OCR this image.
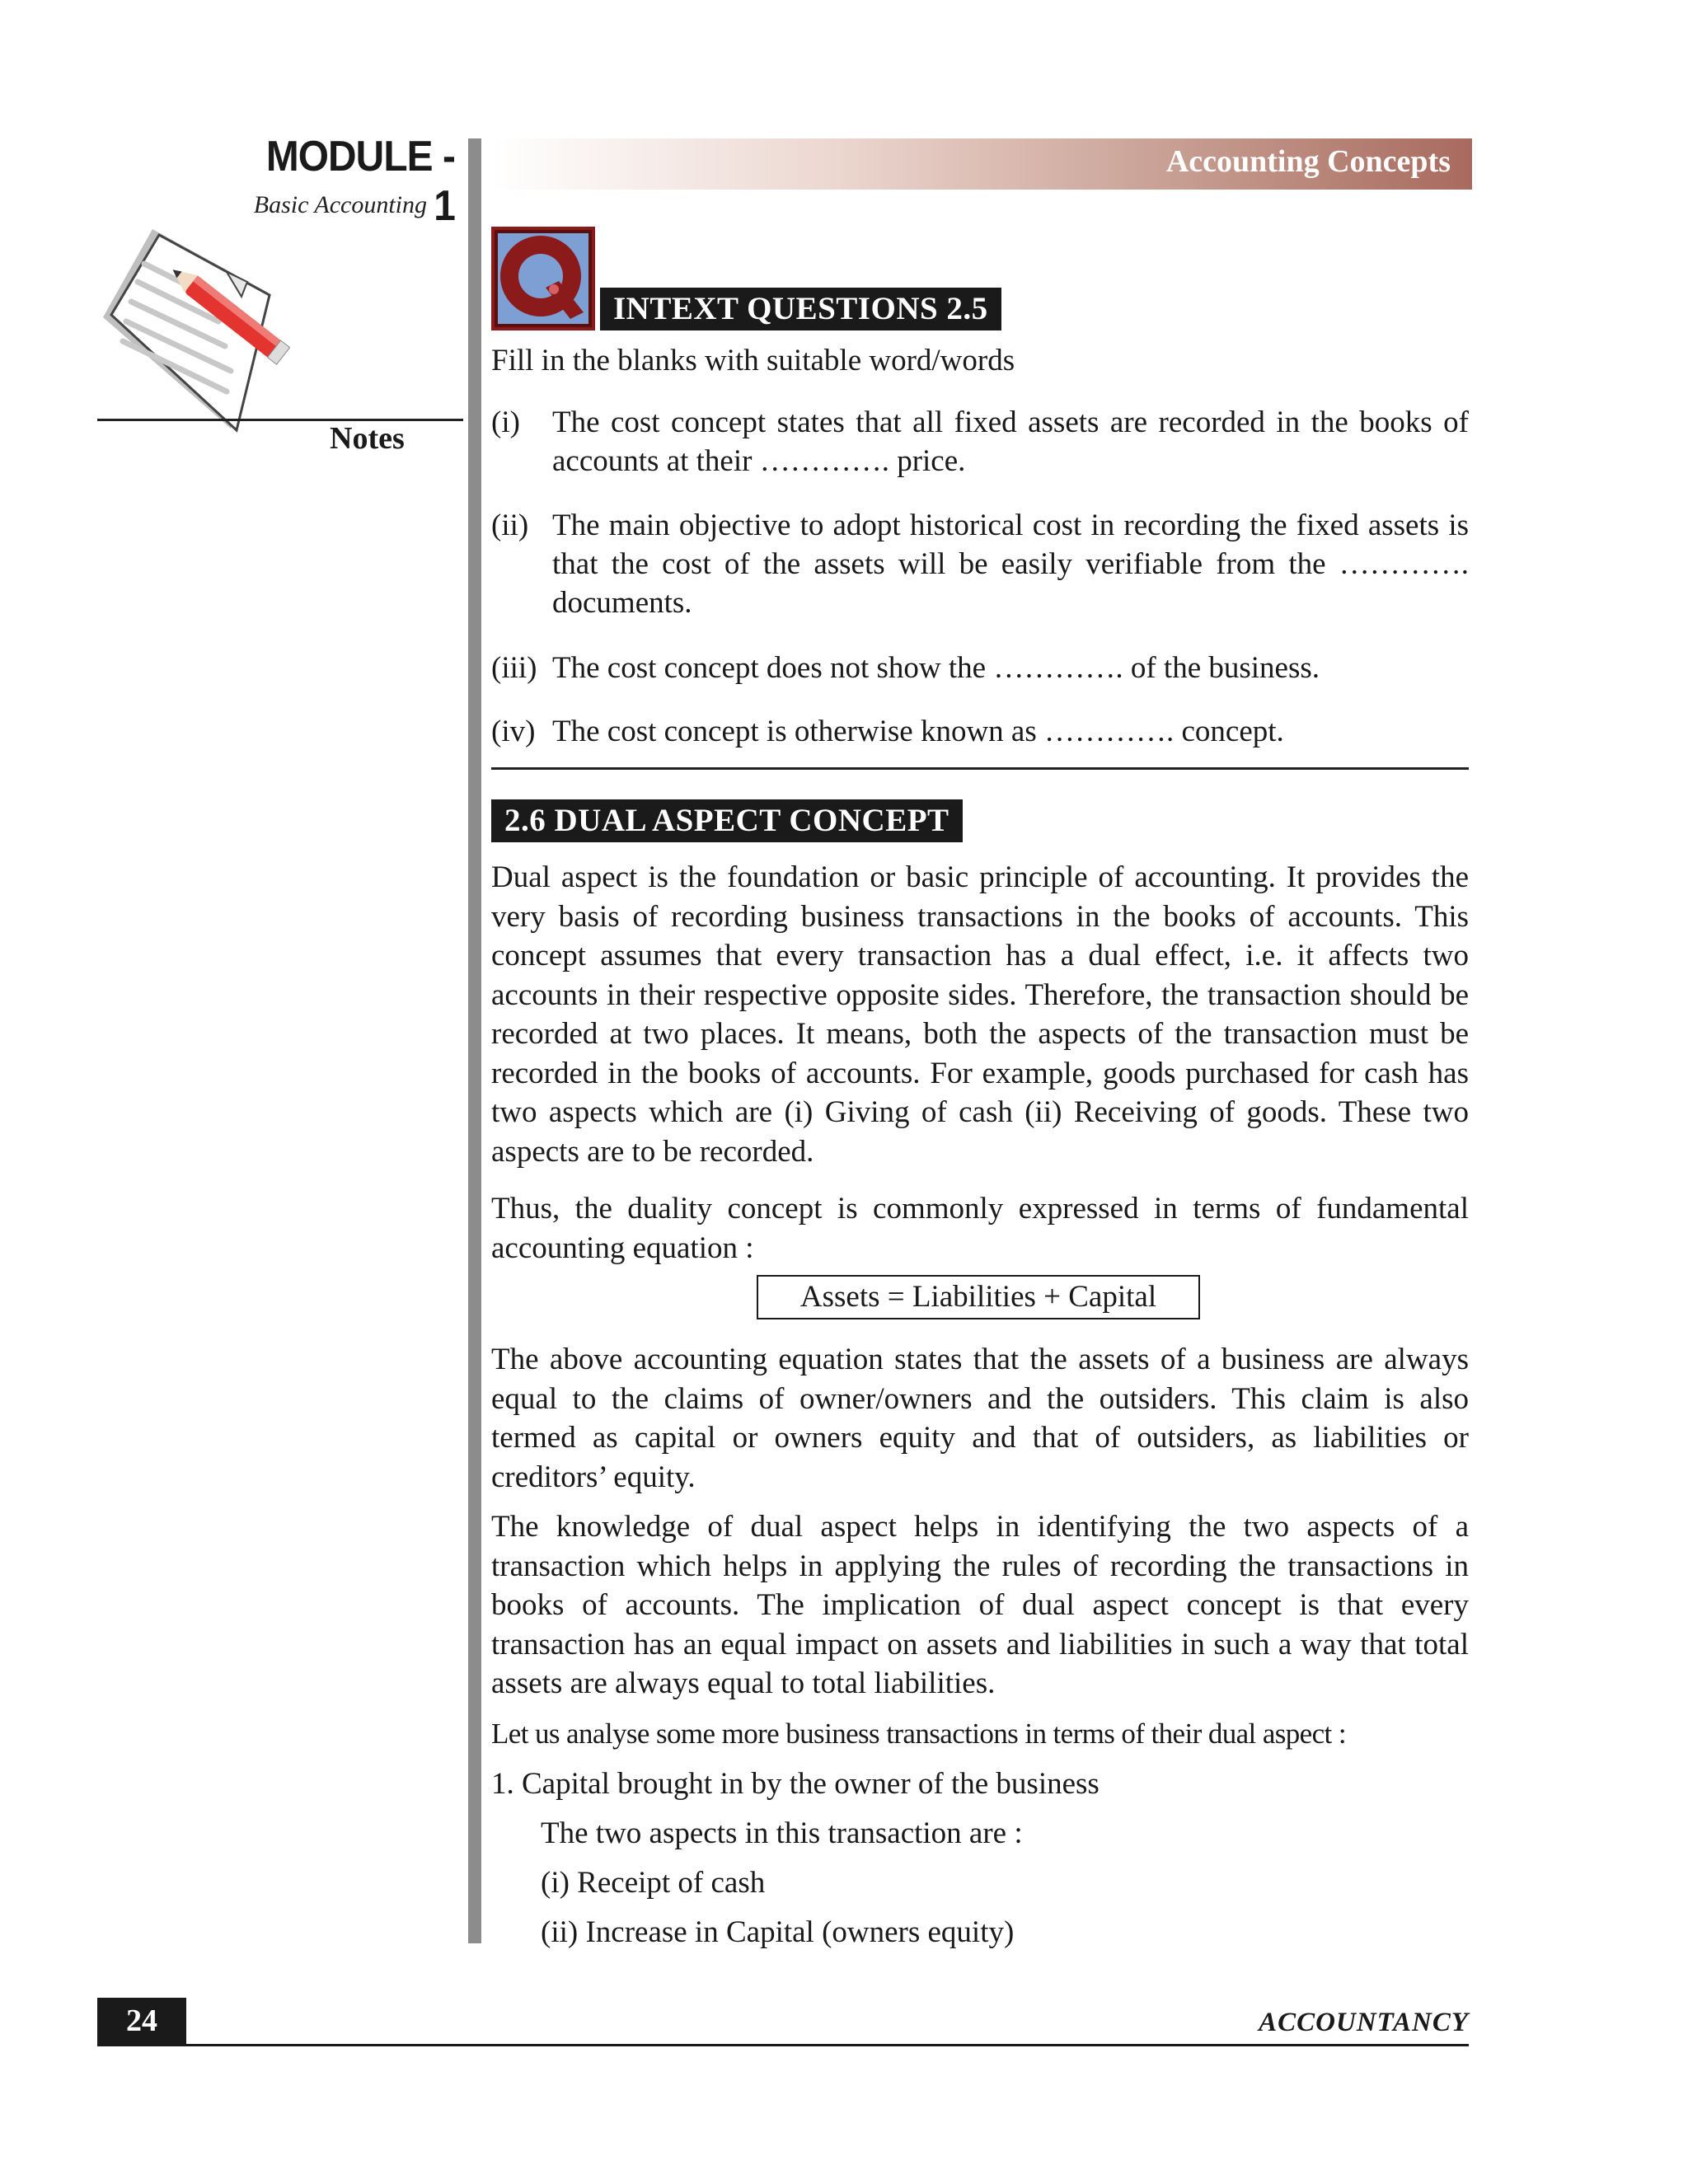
MODULE - 1
Basic Accounting
Notes
Accounting Concepts
INTEXT QUESTIONS 2.5
Fill in the blanks with suitable word/words
(i) The cost concept states that all fixed assets are recorded in the books of accounts at their …………. price.
(ii) The main objective to adopt historical cost in recording the fixed assets is that the cost of the assets will be easily verifiable from the …………. documents.
(iii) The cost concept does not show the …………. of the business.
(iv) The cost concept is otherwise known as …………. concept.
2.6 DUAL ASPECT CONCEPT
Dual aspect is the foundation or basic principle of accounting. It provides the very basis of recording business transactions in the books of accounts. This concept assumes that every transaction has a dual effect, i.e. it affects two accounts in their respective opposite sides. Therefore, the transaction should be recorded at two places. It means, both the aspects of the transaction must be recorded in the books of accounts. For example, goods purchased for cash has two aspects which are (i) Giving of cash (ii) Receiving of goods. These two aspects are to be recorded.
Thus, the duality concept is commonly expressed in terms of fundamental accounting equation :
Assets = Liabilities + Capital
The above accounting equation states that the assets of a business are always equal to the claims of owner/owners and the outsiders. This claim is also termed as capital or owners equity and that of outsiders, as liabilities or creditors’ equity.
The knowledge of dual aspect helps in identifying the two aspects of a transaction which helps in applying the rules of recording the transactions in books of accounts. The implication of dual aspect concept is that every transaction has an equal impact on assets and liabilities in such a way that total assets are always equal to total liabilities.
Let us analyse some more business transactions in terms of their dual aspect :
1. Capital brought in by the owner of the business
The two aspects in this transaction are :
(i) Receipt of cash
(ii) Increase in Capital (owners equity)
24	ACCOUNTANCY
